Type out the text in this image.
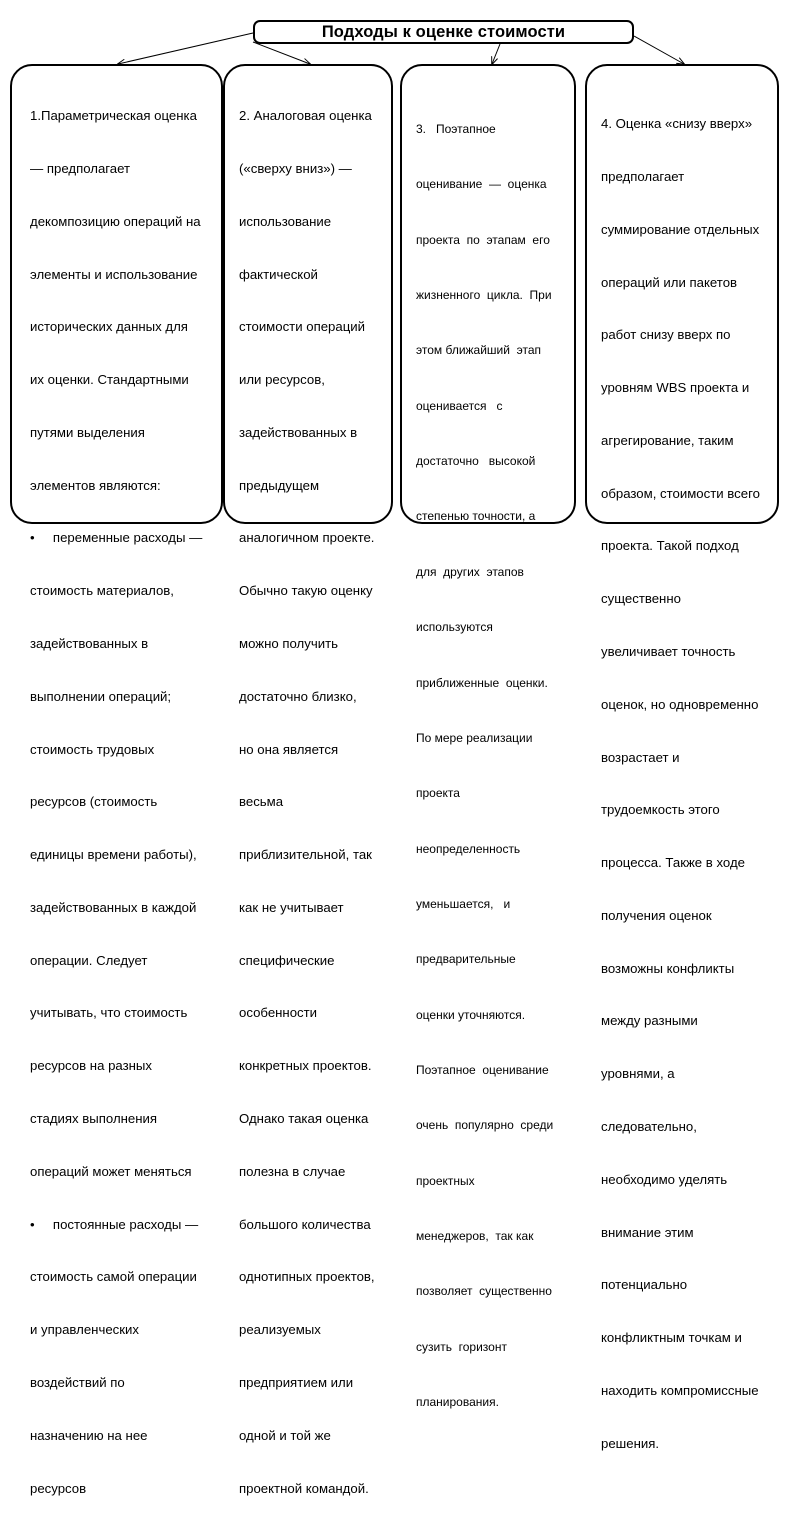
Подходы к оценке стоимости

1.Параметрическая оценка

— предполагает

декомпозицию операций на

элементы и использование

исторических данных для

их оценки. Стандартными

путями выделения

элементов являются:

•     переменные расходы —

стоимость материалов,

задействованных в

выполнении операций;

стоимость трудовых

ресурсов (стоимость

единицы времени работы),

задействованных в каждой

операции. Следует

учитывать, что стоимость

ресурсов на разных

стадиях выполнения

операций может меняться

•     постоянные расходы —

стоимость самой операции

и управленческих

воздействий по

назначению на нее

ресурсов

2. Аналоговая оценка

(«сверху вниз») —

использование

фактической

стоимости операций

или ресурсов,

задействованных в

предыдущем

аналогичном проекте.

Обычно такую оценку

можно получить

достаточно близко,

но она является

весьма

приблизительной, так

как не учитывает

специфические

особенности

конкретных проектов.

Однако такая оценка

полезна в случае

большого количества

однотипных проектов,

реализуемых

предприятием или

одной и той же

проектной командой.

3.   Поэтапное

оценивание  —  оценка

проекта  по  этапам  его

жизненного  цикла.  При

этом ближайший  этап

оценивается   с

достаточно   высокой

степенью точности, а

для  других  этапов

используются

приближенные  оценки.

По мере реализации

проекта

неопределенность

уменьшается,   и

предварительные

оценки уточняются.

Поэтапное  оценивание

очень  популярно  среди

проектных

менеджеров,  так как

позволяет  существенно

сузить  горизонт

планирования.

4. Оценка «снизу вверх»

предполагает

суммирование отдельных

операций или пакетов

работ снизу вверх по

уровням WBS проекта и

агрегирование, таким

образом, стоимости всего

проекта. Такой подход

существенно

увеличивает точность

оценок, но одновременно

возрастает и

трудоемкость этого

процесса. Также в ходе

получения оценок

возможны конфликты

между разными

уровнями, а

следовательно,

необходимо уделять

внимание этим

потенциально

конфликтным точкам и

находить компромиссные

решения.
